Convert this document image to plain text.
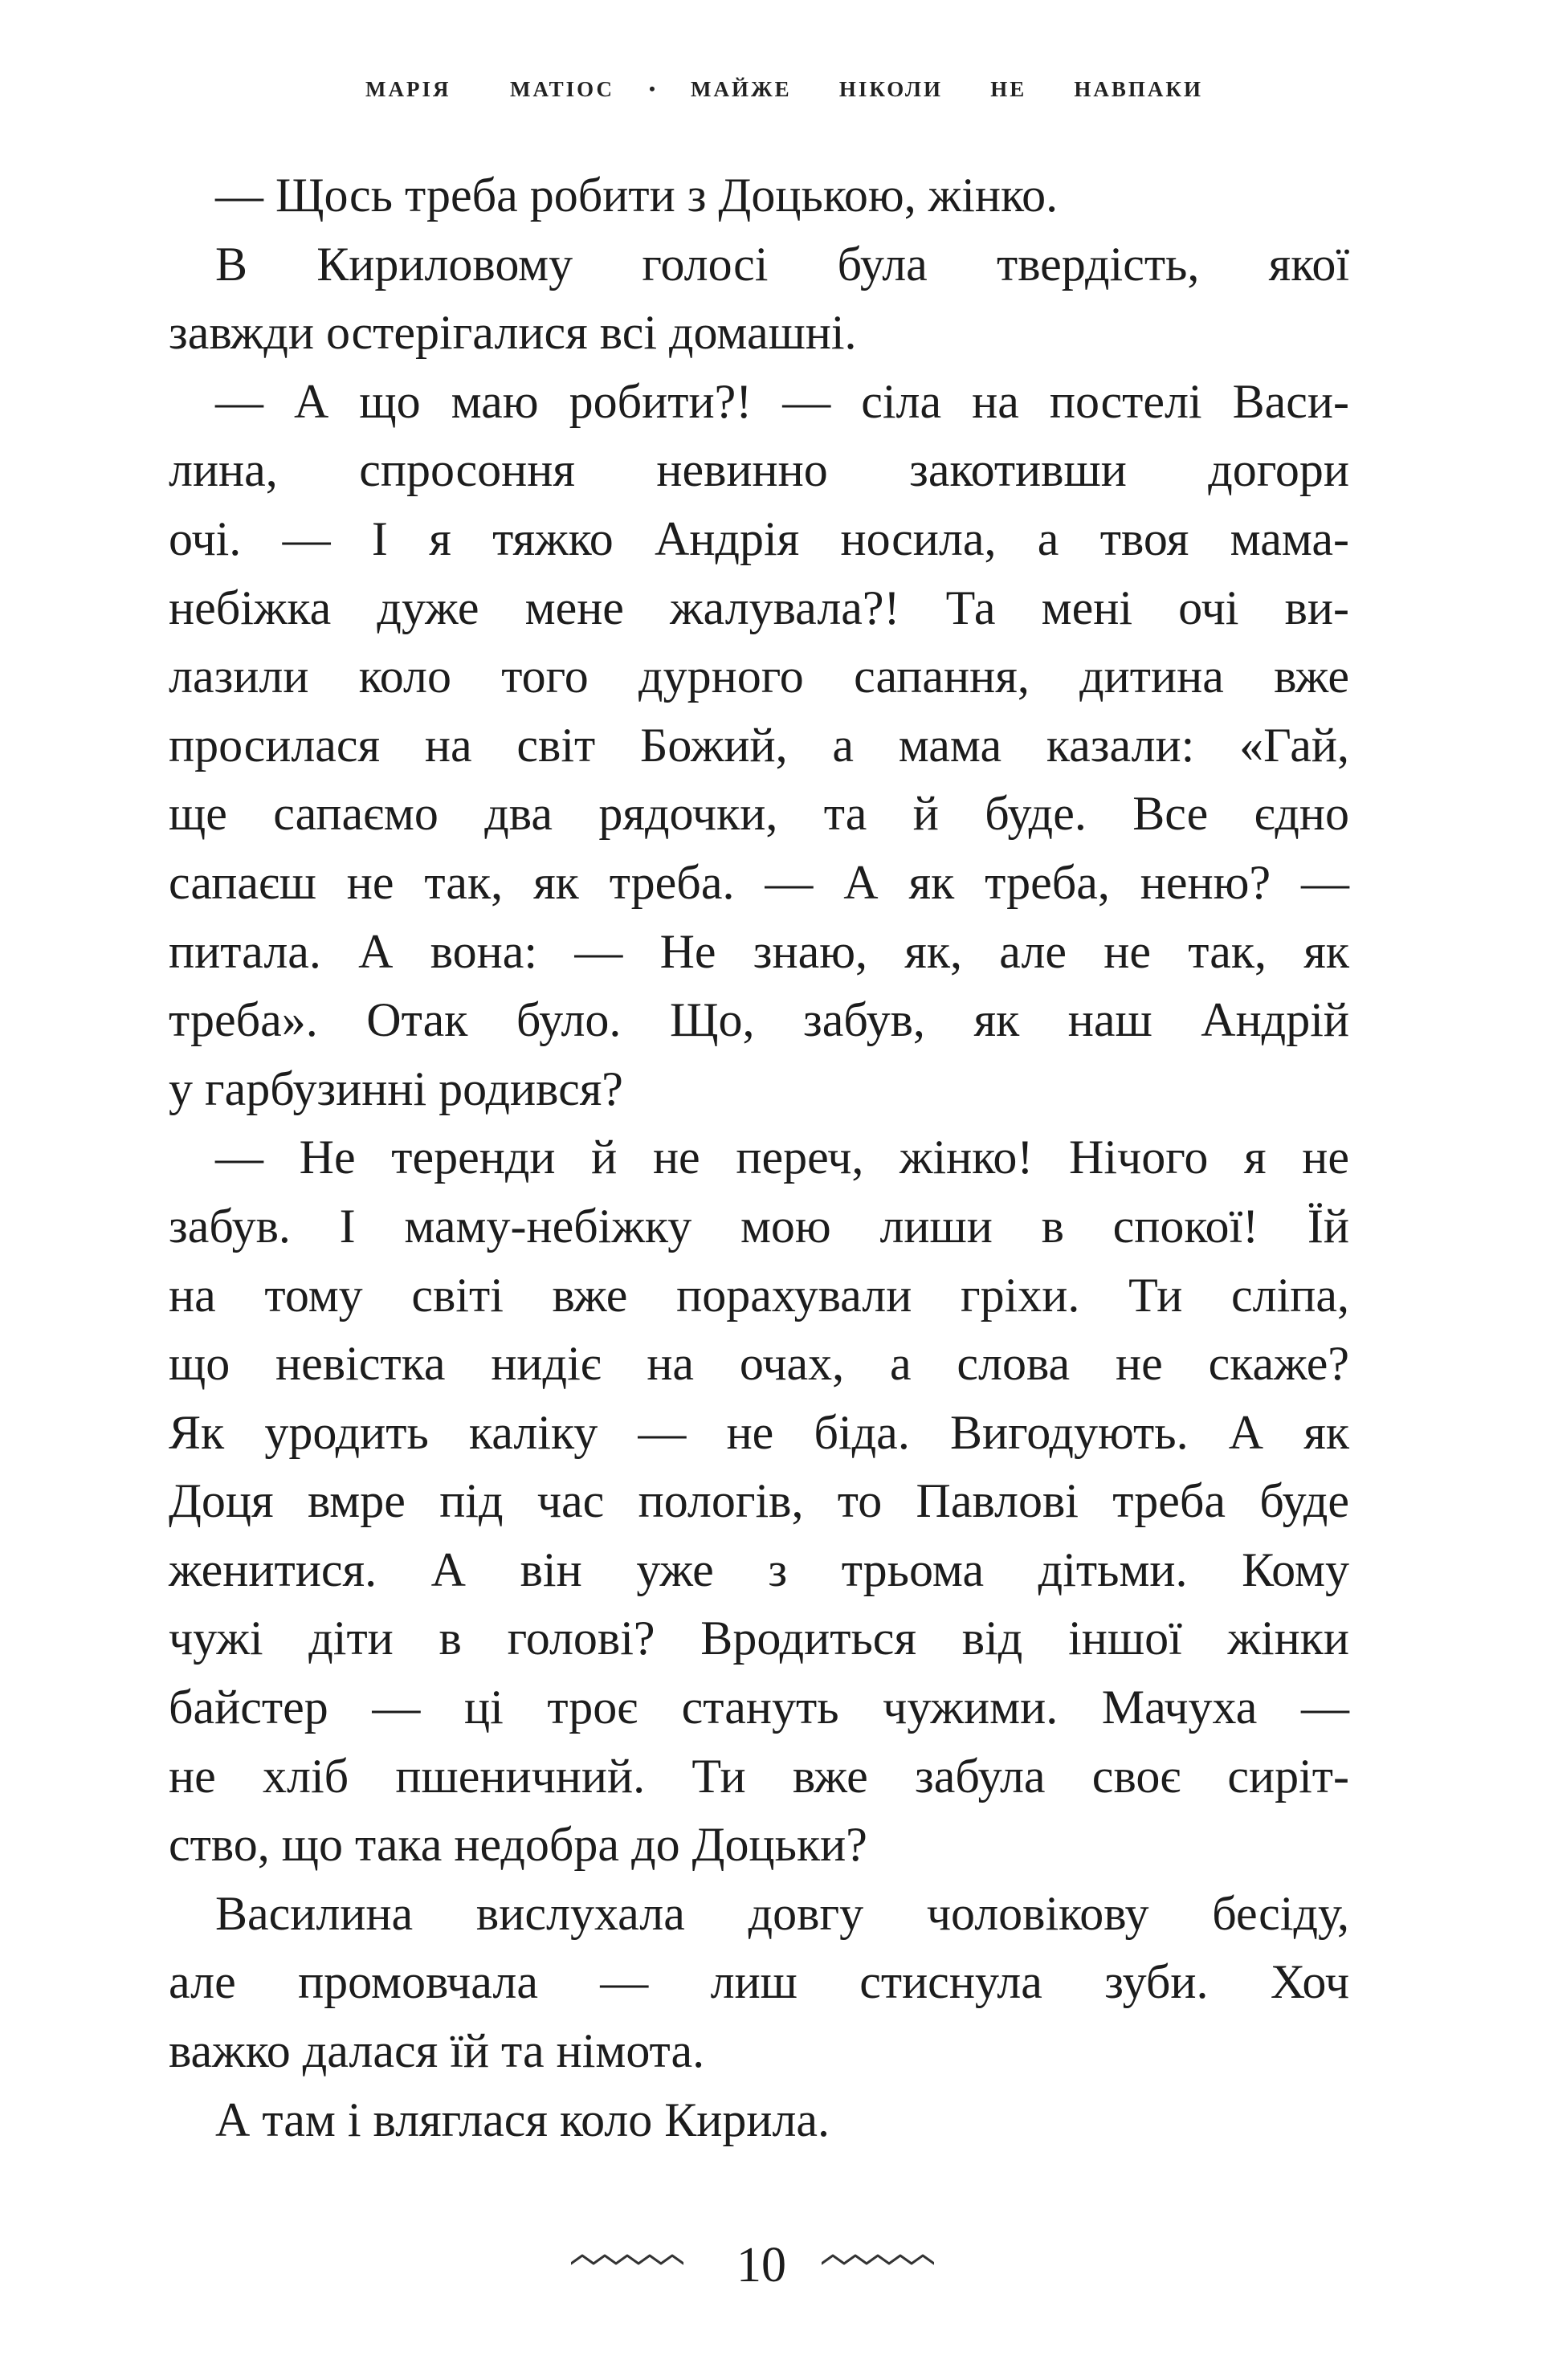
МАРІЯ МАТІОС • МАЙЖЕ НІКОЛИ НЕ НАВПАКИ
— Щось треба робити з Доцькою, жінко.
В Кириловому голосі була твердість, якої
завжди остерігалися всі домашні.
— А що маю робити?! — сіла на постелі Васи-
лина, спросоння невинно закотивши догори
очі. — І я тяжко Андрія носила, а твоя мама-
небіжка дуже мене жалувала?! Та мені очі ви-
лазили коло того дурного сапання, дитина вже
просилася на світ Божий, а мама казали: «Гай,
ще сапаємо два рядочки, та й буде. Все єдно
сапаєш не так, як треба. — А як треба, неню? —
питала. А вона: — Не знаю, як, але не так, як
треба». Отак було. Що, забув, як наш Андрій
у гарбузинні родився?
— Не теренди й не переч, жінко! Нічого я не
забув. І маму-небіжку мою лиши в спокої! Їй
на тому світі вже порахували гріхи. Ти сліпа,
що невістка нидіє на очах, а слова не скаже?
Як уродить каліку — не біда. Вигодують. А як
Доця вмре під час пологів, то Павлові треба буде
женитися. А він уже з трьома дітьми. Кому
чужі діти в голові? Вродиться від іншої жінки
байстер — ці троє стануть чужими. Мачуха —
не хліб пшеничний. Ти вже забула своє сиріт-
ство, що така недобра до Доцьки?
Василина вислухала довгу чоловікову бесіду,
але промовчала — лиш стиснула зуби. Хоч
важко далася їй та німота.
А там і вляглася коло Кирила.
10
